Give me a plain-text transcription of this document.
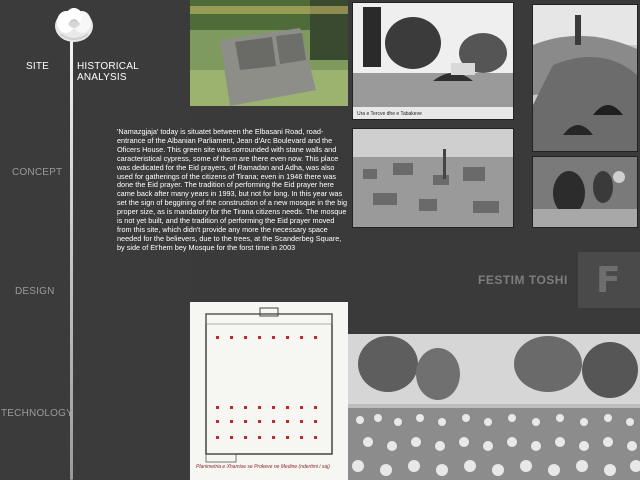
SITE	HISTORICAL ANALYSIS
CONCEPT
DESIGN
TECHNOLOGY
Ura e Tercve dhe e Tabakeve
'Namazgjaja' today is situatet between the Elbasani Road, road-entrance of the Albanian Parliament, Jean d'Arc Boulevard and the Oficers House. This green site was sorrounded with stane walls and caracteristical cypress, some of them are there even now. This place was dedicated for the Eid prayers, of Ramadan and Adha, was also used for gatherings of the citizens of Tirana; even in 1946 there was done the Eid prayer. The tradition of performing the Eid prayer here came back after many years in 1993, but not for long. In this year was set the sign of beggining of the construction of a new mosque in the big proper size, as is mandatory for the Tirana citizens needs. The mosque is not yet built, and the tradition of performing the Eid prayer moved from this site, which didn't provide any more the necessary space needed for the believers, due to the trees, at the Scanderbeg Square, by side of Et'hem bey Mosque for the forst time in 2003
FESTIM TOSHI F
Planimetria e Xhamise se Prokeve ne Medine (ndertimi i saj)
